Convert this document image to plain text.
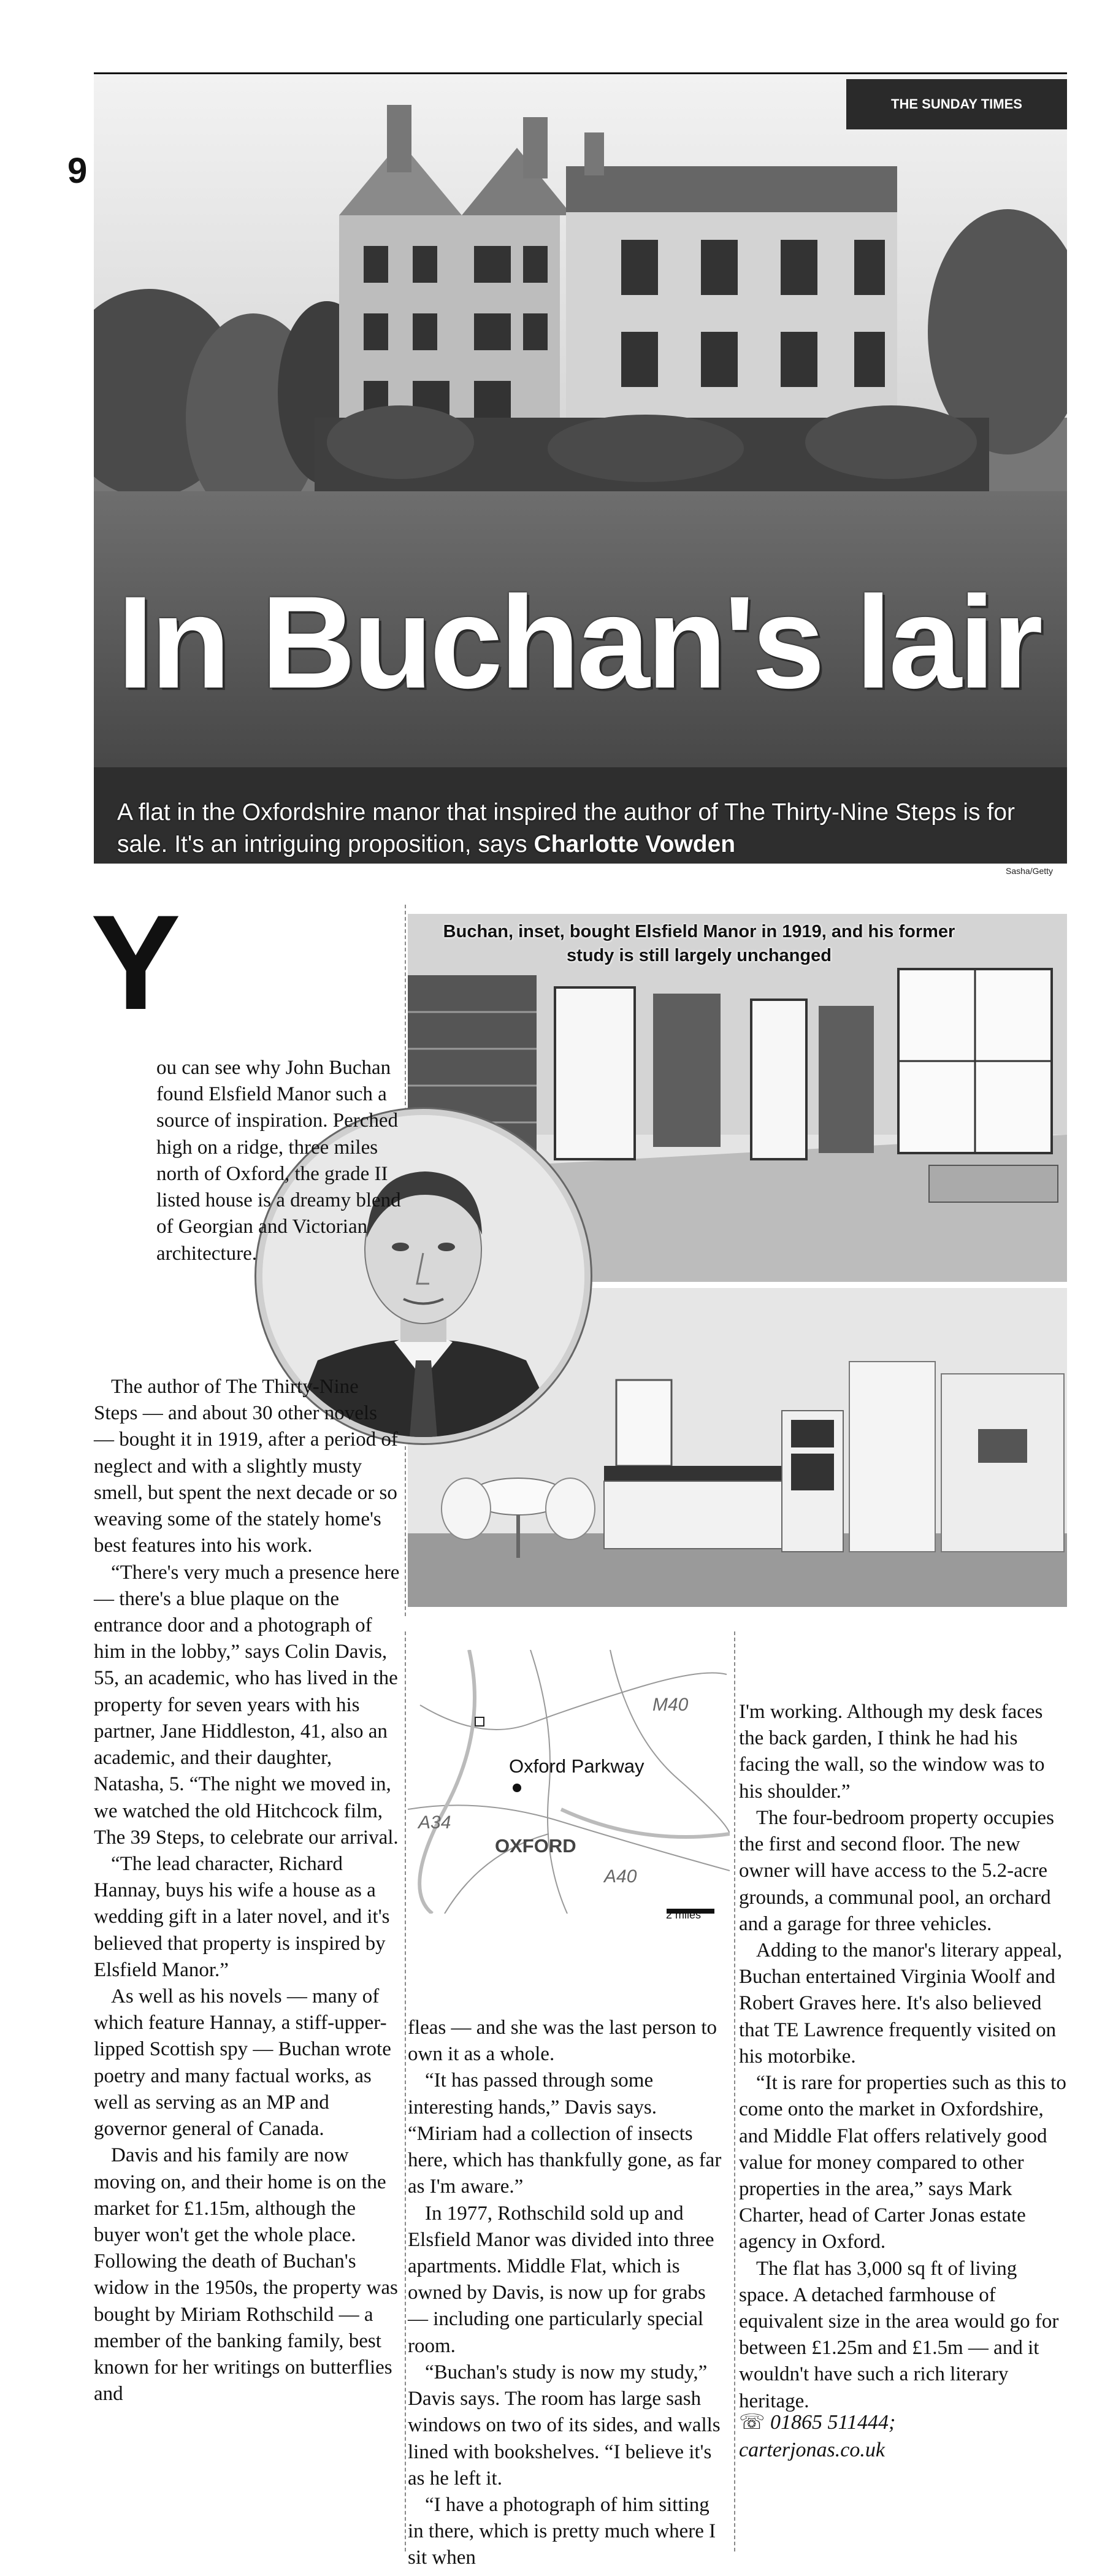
THE SUNDAY TIMES
In Buchan's lair
A flat in the Oxfordshire manor that inspired the author of The Thirty-Nine Steps is for sale. It's an intriguing proposition, says Charlotte Vowden
9
Sasha/Getty
Buchan, inset, bought Elsfield Manor in 1919, and his former study is still largely unchanged
Y

ou can see why John Buchan found Elsfield Manor such a source of inspiration. Perched high on a ridge, three miles north of Oxford, the grade II listed house is a dreamy blend of Georgian and Victorian architecture.

The author of The Thirty-Nine Steps — and about 30 other novels — bought it in 1919, after a period of neglect and with a slightly musty smell, but spent the next decade or so weaving some of the stately home's best features into his work.

“There's very much a presence here — there's a blue plaque on the entrance door and a photograph of him in the lobby,” says Colin Davis, 55, an academic, who has lived in the property for seven years with his partner, Jane Hiddleston, 41, also an academic, and their daughter, Natasha, 5. “The night we moved in, we watched the old Hitchcock film, The 39 Steps, to celebrate our arrival.

“The lead character, Richard Hannay, buys his wife a house as a wedding gift in a later novel, and it's believed that property is inspired by Elsfield Manor.”

As well as his novels — many of which feature Hannay, a stiff-upper-lipped Scottish spy — Buchan wrote poetry and many factual works, as well as serving as an MP and governor general of Canada.

Davis and his family are now moving on, and their home is on the market for £1.15m, although the buyer won't get the whole place. Following the death of Buchan's widow in the 1950s, the property was bought by Miriam Rothschild — a member of the banking family, best known for her writings on butterflies and

fleas — and she was the last person to own it as a whole.

“It has passed through some interesting hands,” Davis says. “Miriam had a collection of insects here, which has thankfully gone, as far as I'm aware.”

In 1977, Rothschild sold up and Elsfield Manor was divided into three apartments. Middle Flat, which is owned by Davis, is now up for grabs — including one particularly special room.

“Buchan's study is now my study,” Davis says. The room has large sash windows on two of its sides, and walls lined with bookshelves. “I believe it's as he left it.

“I have a photograph of him sitting in there, which is pretty much where I sit when

I'm working. Although my desk faces the back garden, I think he had his facing the wall, so the window was to his shoulder.”

The four-bedroom property occupies the first and second floor. The new owner will have access to the 5.2-acre grounds, a communal pool, an orchard and a garage for three vehicles.

Adding to the manor's literary appeal, Buchan entertained Virginia Woolf and Robert Graves here. It's also believed that TE Lawrence frequently visited on his motorbike.

“It is rare for properties such as this to come onto the market in Oxfordshire, and Middle Flat offers relatively good value for money compared to other properties in the area,” says Mark Charter, head of Carter Jonas estate agency in Oxford.

The flat has 3,000 sq ft of living space. A detached farmhouse of equivalent size in the area would go for between £1.25m and £1.5m — and it wouldn't have such a rich literary heritage.

☏ 01865 511444;
carterjonas.co.uk
Oxford Parkway
OXFORD
M40
A34
A40
2 miles
